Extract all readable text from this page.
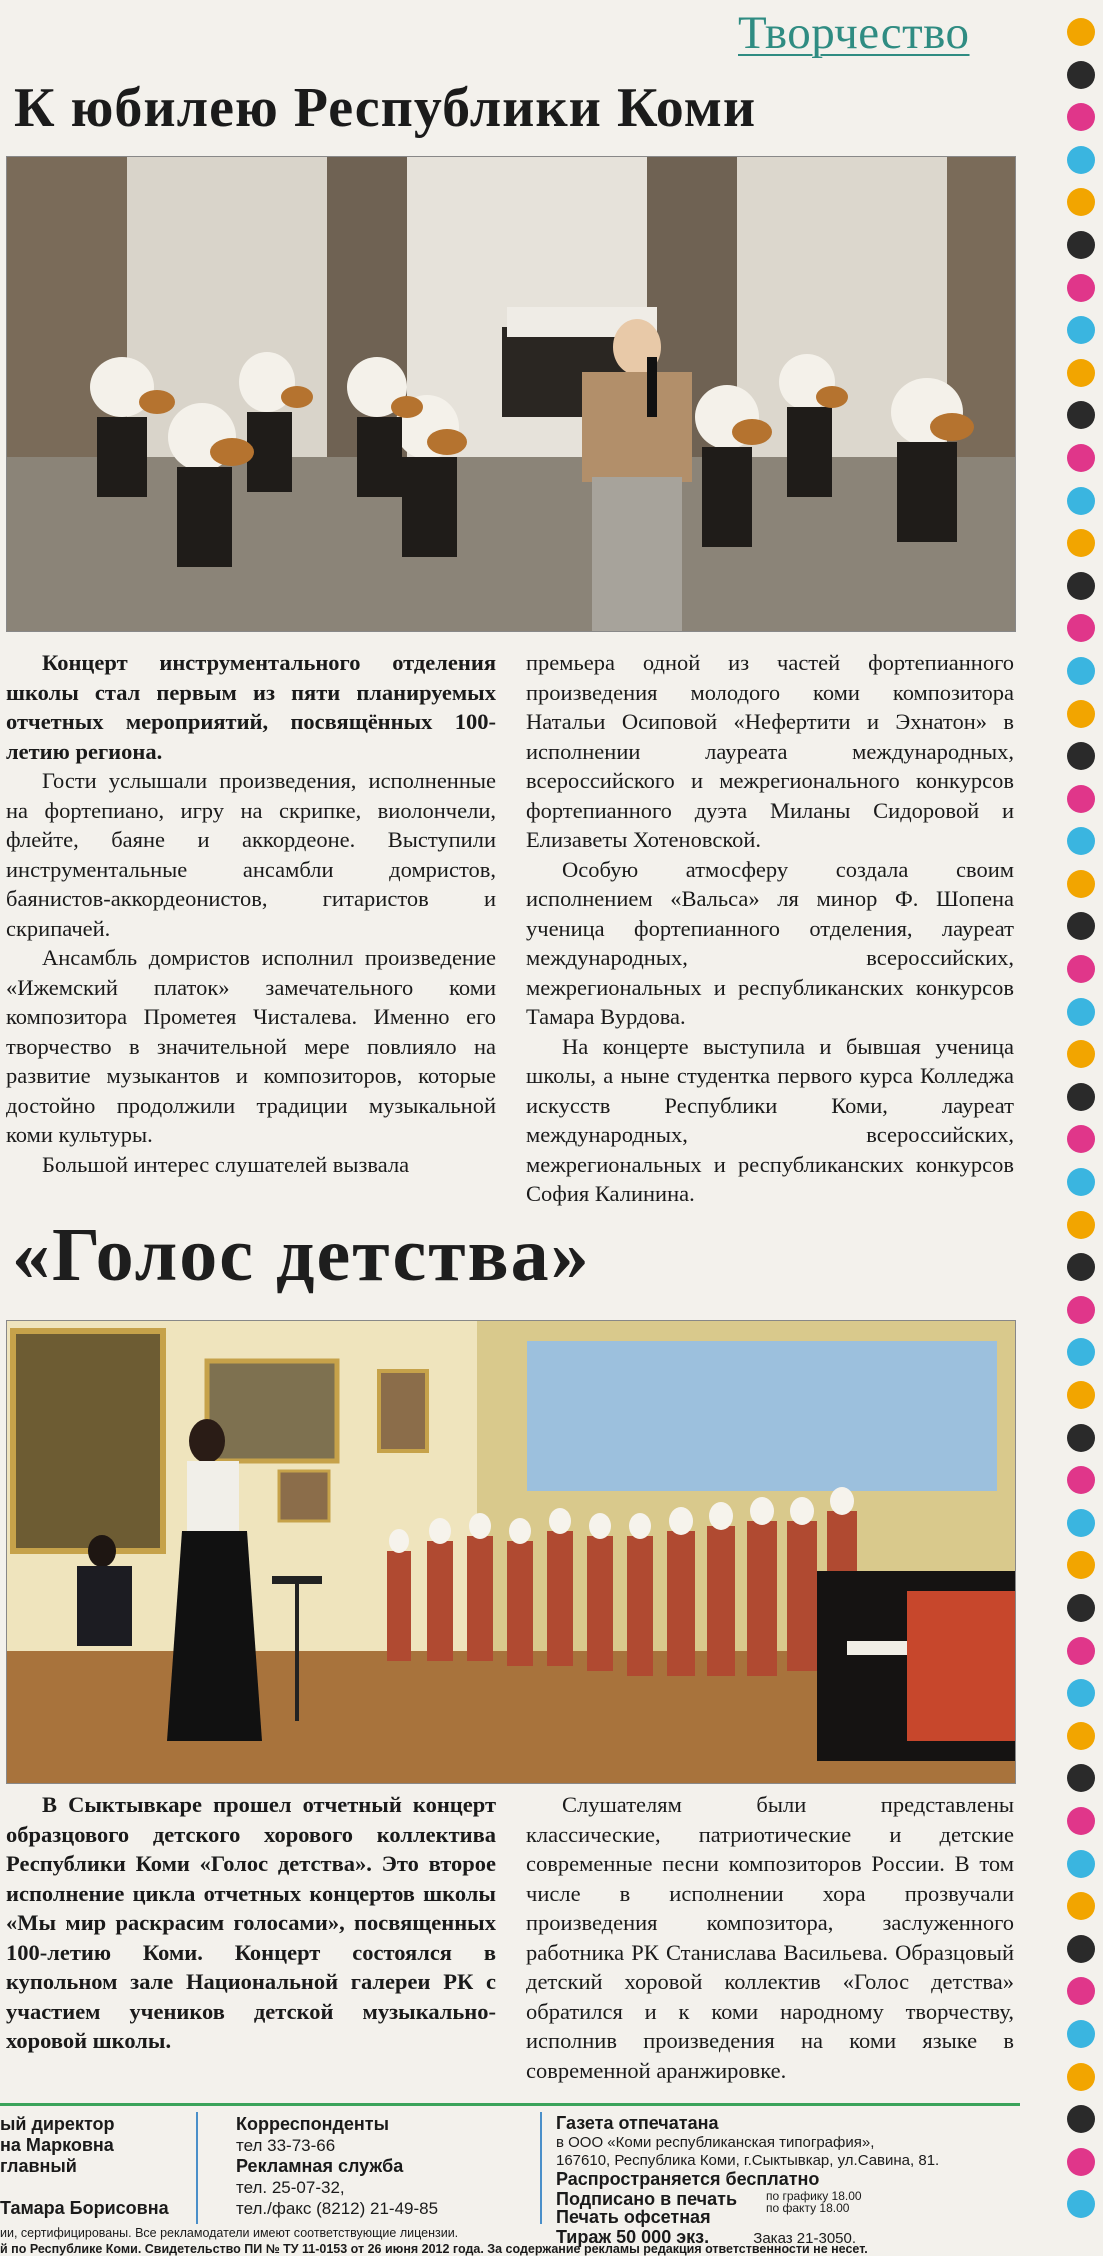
Творчество
К юбилею Республики Коми

Концерт инструментального отделения школы стал первым из пяти планируемых отчетных мероприятий, посвящённых 100-летию региона.

Гости услышали произведения, исполненные на фортепиано, игру на скрипке, виолончели, флейте, баяне и аккордеоне. Выступили инструментальные ансамбли домристов, баянистов-аккордеонистов, гитаристов и скрипачей.

Ансамбль домристов исполнил произведение «Ижемский платок» замечательного коми композитора Прометея Чисталева. Именно его творчество в значительной мере повлияло на развитие музыкантов и композиторов, которые достойно продолжили традиции музыкальной коми культуры.

Большой интерес слушателей вызвала

премьера одной из частей фортепианного произведения молодого коми композитора Натальи Осиповой «Нефертити и Эхнатон» в исполнении лауреата международных, всероссийского и межрегионального конкурсов фортепианного дуэта Миланы Сидоровой и Елизаветы Хотеновской.

Особую атмосферу создала своим исполнением «Вальса» ля минор Ф. Шопена ученица фортепианного отделения, лауреат международных, всероссийских, межрегиональных и республиканских конкурсов Тамара Вурдова.

На концерте выступила и бывшая ученица школы, а ныне студентка первого курса Колледжа искусств Республики Коми, лауреат международных, всероссийских, межрегиональных и республиканских конкурсов София Калинина.

«Голос детства»

В Сыктывкаре прошел отчетный концерт образцового детского хорового коллектива Республики Коми «Голос детства». Это второе исполнение цикла отчетных концертов школы «Мы мир раскрасим голосами», посвященных 100-летию Коми. Концерт состоялся в купольном зале Национальной галереи РК с участием учеников детской музыкально-хоровой школы.

Слушателям были представлены классические, патриотические и детские современные песни композиторов России. В том числе в исполнении хора прозвучали произведения композитора, заслуженного работника РК Станислава Васильева. Образцовый детский хоровой коллектив «Голос детства» обратился и к коми народному творчеству, исполнив произведения на коми языке в современной аранжировке.

ый директор
на Марковна
главный
Тамара Борисовна
Корреспонденты
тел 33-73-66
Рекламная служба
тел. 25-07-32,
тел./факс (8212) 21-49-85
Газета отпечатана
в ООО «Коми республиканская типография»,
167610, Республика Коми, г.Сыктывкар, ул.Савина, 81.
Распространяется бесплатно
Подписано в печать по графику 18.00
по факту 18.00
Печать офсетная
Тираж 50 000 экз.	Заказ 21-3050.
ии, сертифицированы. Все рекламодатели имеют соответствующие лицензии.
й по Республике Коми. Свидетельство ПИ № ТУ 11-0153 от 26 июня 2012 года. За содержание рекламы редакция ответственности не несет.
